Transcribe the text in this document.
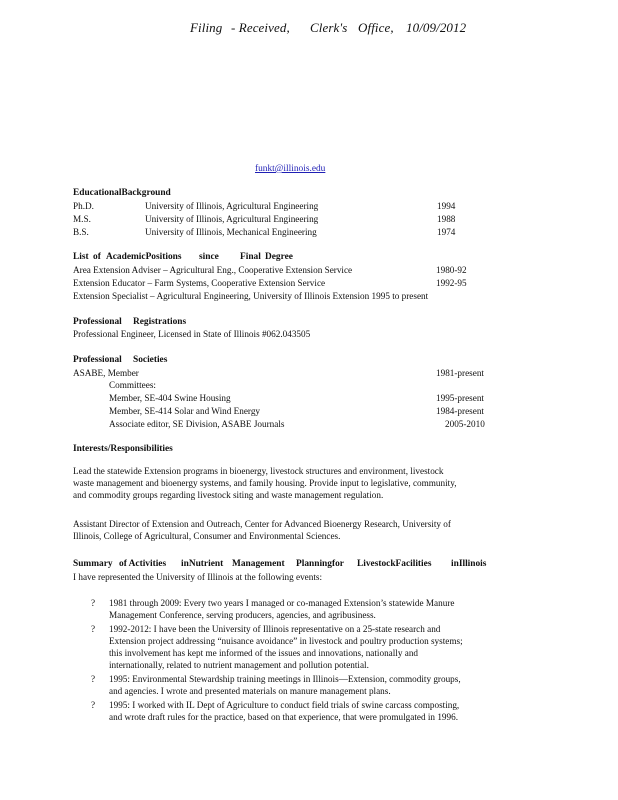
Filing - Received, Clerk's Office, 10/09/2012
funkt@illinois.edu
EducationalBackground
Ph.D.	University of Illinois, Agricultural Engineering	1994
M.S.	University of Illinois, Agricultural Engineering	1988
B.S.	University of Illinois, Mechanical Engineering	1974
List of AcademicPositions since Final Degree
Area Extension Adviser – Agricultural Eng., Cooperative Extension Service	1980-92
Extension Educator – Farm Systems, Cooperative Extension Service	1992-95
Extension Specialist – Agricultural Engineering, University of Illinois Extension 1995 to present
Professional Registrations
Professional Engineer, Licensed in State of Illinois #062.043505
Professional Societies
ASABE, Member	1981-present
Committees:
Member, SE-404 Swine Housing	1995-present
Member, SE-414 Solar and Wind Energy	1984-present
Associate editor, SE Division, ASABE Journals	2005-2010
Interests/Responsibilities
Lead the statewide Extension programs in bioenergy, livestock structures and environment, livestock
waste management and bioenergy systems, and family housing. Provide input to legislative, community,
and commodity groups regarding livestock siting and waste management regulation.
Assistant Director of Extension and Outreach, Center for Advanced Bioenergy Research, University of
Illinois, College of Agricultural, Consumer and Environmental Sciences.
Summary of Activities inNutrient Management Planningfor LivestockFacilities inIllinois
I have represented the University of Illinois at the following events:
? 1981 through 2009: Every two years I managed or co-managed Extension’s statewide Manure
Management Conference, serving producers, agencies, and agribusiness.
? 1992-2012: I have been the University of Illinois representative on a 25-state research and
Extension project addressing “nuisance avoidance” in livestock and poultry production systems;
this involvement has kept me informed of the issues and innovations, nationally and
internationally, related to nutrient management and pollution potential.
? 1995: Environmental Stewardship training meetings in Illinois—Extension, commodity groups,
and agencies. I wrote and presented materials on manure management plans.
? 1995: I worked with IL Dept of Agriculture to conduct field trials of swine carcass composting,
and wrote draft rules for the practice, based on that experience, that were promulgated in 1996.
